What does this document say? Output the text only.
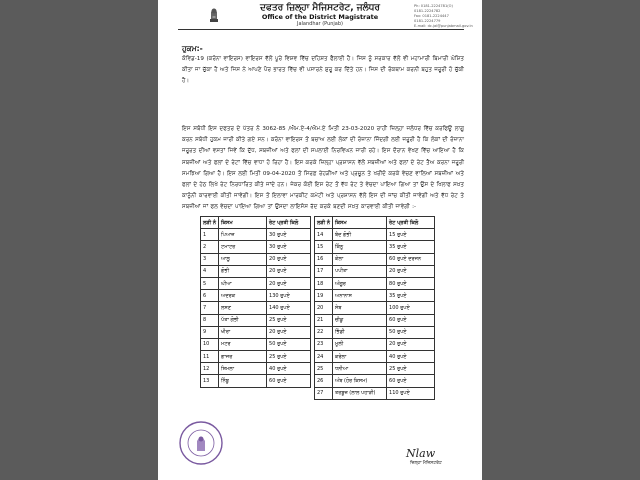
ਦਫਤਰ ਜ਼ਿਲ੍ਹਾ ਮੈਜਿਸਟਰੇਟ, ਜਲੰਧਰ
Office of the District Magistrate
Jalandhar (Punjab)
Ph: 0181-2224781(O)
0181-2224782
Fax: 0181-2224447
0181-2224779
E-mail: dc.jal@punjabmail.gov.in
ਹੁਕਮ:-
ਕੋਵਿਡ-19 (ਕਰੋਨਾ ਵਾਇਰਸ) ਵਾਇਰਸ ਵੱਲੋਂ ਪੂਰੇ ਵਿਸ਼ਵ ਵਿੱਚ ਦਹਿਸ਼ਤ ਫੈਲਾਈ ਹੈ। ਜਿਸ ਨੂੰ ਸਰਕਾਰ ਵੱਲੋਂ ਵੀ ਮਹਾਮਾਰੀ ਬਿਮਾਰੀ ਘੋਸ਼ਿਤ ਕੀਤਾ ਜਾ ਚੁੱਕਾ ਹੈ ਅਤੇ ਜਿਸ ਨੇ ਆਪਣੇ ਪੈਰ ਭਾਰਤ ਵਿੱਚ ਵੀ ਪਸਾਰਨੇ ਸ਼ੁਰੂ ਕਰ ਦਿੱਤੇ ਹਨ। ਜਿਸ ਦੀ ਰੋਕਥਾਮ ਕਰਨੀ ਬਹੁਤ ਜਰੂਰੀ ਹੋ ਚੁੱਕੀ ਹੈ।
ਇਸ ਸਬੰਧੀ ਇਸ ਦਫਤਰ ਦੇ ਪੱਤਰ ਨੰ 3062-85 /ਐਮ.ਏ-4/ਐਮ.ਏ ਮਿਤੀ 23-03-2020 ਰਾਹੀਂ ਜ਼ਿਲ੍ਹਾ ਜਲੰਧਰ ਵਿੱਚ ਕਰਫਿਊ ਲਾਗੂ ਕਰਨ ਸਬੰਧੀ ਹੁਕਮ ਜਾਰੀ ਕੀਤੇ ਗਏ ਸਨ। ਕਰੋਨਾ ਵਾਇਰਸ ਤੋਂ ਬਚਾਅ ਲਈ ਲੋਕਾਂ ਦੀ ਰੋਜ਼ਾਨਾ ਜਿੰਦਗੀ ਲਈ ਜਰੂਰੀ ਹੈ ਕਿ ਲੋਕਾਂ ਦੀ ਰੋਜ਼ਾਨਾ ਜਰੂਰਤ ਦੀਆਂ ਵਸਤਾਂ ਜਿਵੇਂ ਕਿ ਦੁੱਧ, ਸਬਜ਼ੀਆਂ ਅਤੇ ਫਲਾਂ ਦੀ ਸਪਲਾਈ ਨਿਰਵਿਘਨ ਜਾਰੀ ਰਹੇ। ਇਸ ਦੌਰਾਨ ਵੇਖਣ ਵਿੱਚ ਆਇਆ ਹੈ ਕਿ ਸਬਜ਼ੀਆਂ ਅਤੇ ਫਲਾਂ ਦੇ ਰੇਟਾਂ ਵਿੱਚ ਵਾਧਾ ਹੋ ਰਿਹਾ ਹੈ। ਇਸ ਕਰਕੇ ਜ਼ਿਲ੍ਹਾ ਪ੍ਰਸ਼ਾਸਨ ਵੱਲੋਂ ਸਬਜ਼ੀਆਂ ਅਤੇ ਫਲਾਂ ਦੇ ਰੇਟ ਤੈਅ ਕਰਨਾ ਜਰੂਰੀ ਸਮਝਿਆ ਗਿਆ ਹੈ। ਇਸ ਲਈ ਮਿਤੀ 09-04-2020 ਤੋਂ ਸਿਰਫ਼ ਰੇਹੜੀਆਂ ਅਤੇ ਪ੍ਰਚੂਨ ਤੇ ਖਰੀਦੋ ਕਰਕੇ ਵੇਚਣ ਵਾਲਿਆਂ ਸਬਜ਼ੀਆਂ ਅਤੇ ਫਲਾਂ ਦੇ ਹੇਠ ਲਿਖੇ ਰੇਟ ਨਿਰਧਾਰਿਤ ਕੀਤੇ ਜਾਂਦੇ ਹਨ। ਜੇਕਰ ਕੋਈ ਇਸ ਰੇਟ ਤੋਂ ਵੱਧ ਰੇਟ ਤੇ ਵੇਚਦਾ ਪਾਇਆ ਗਿਆ ਤਾਂ ਉਸ ਦੇ ਖਿਲਾਫ ਸਖ਼ਤ ਕਾਨੂੰਨੀ ਕਾਰਵਾਈ ਕੀਤੀ ਜਾਵੇਗੀ। ਇਸ ਤੋਂ ਇਲਾਵਾ ਮਾਰਕੀਟ ਕਮੇਟੀ ਅਤੇ ਪ੍ਰਸ਼ਾਸਨ ਵੱਲੋਂ ਇਸ ਦੀ ਜਾਂਚ ਕੀਤੀ ਜਾਵੇਗੀ ਅਤੇ ਵੱਧ ਰੇਟ ਤੇ ਸਬਜ਼ੀਆਂ ਜਾਂ ਫਲ ਵੇਚਦਾ ਪਾਇਆ ਗਿਆ ਤਾਂ ਉਸਦਾ ਲਾਇਸੰਸ ਰੱਦ ਕਰਕੇ ਬਣਦੀ ਸਖ਼ਤ ਕਾਰਵਾਈ ਕੀਤੀ ਜਾਵੇਗੀ :-
ਲੜੀ ਨੰ	ਕਿਸਮ	ਰੇਟ ਪ੍ਰਤੀ ਕਿਲੋ
1	ਪਿਆਜ਼	30 ਰੁਪਏ
2	ਟਮਾਟਰ	30 ਰੁਪਏ
3	ਆਲੂ	20 ਰੁਪਏ
4	ਗੋਭੀ	20 ਰੁਪਏ
5	ਘੀਆ	20 ਰੁਪਏ
6	ਅਦਰਕ	130 ਰੁਪਏ
7	ਲਸਣ	140 ਰੁਪਏ
8	ਪੱਤਾ ਗੋਭੀ	25 ਰੁਪਏ
9	ਖੀਰਾ	20 ਰੁਪਏ
10	ਮਟਰ	50 ਰੁਪਏ
11	ਗਾਜਰ	25 ਰੁਪਏ
12	ਸ਼ਿਮਲਾ	40 ਰੁਪਏ
13	ਨਿੰਬੂ	60 ਰੁਪਏ
ਲੜੀ ਨੰ	ਕਿਸਮ	ਰੇਟ ਪ੍ਰਤੀ ਕਿਲੋ
14	ਬੰਦ ਗੋਭੀ	15 ਰੁਪਏ
15	ਕਿੰਨੂ	35 ਰੁਪਏ
16	ਕੇਲਾ	60 ਰੁਪਏ ਦਰਜਨ
17	ਪਪੀਤਾ	20 ਰੁਪਏ
18	ਅੰਗੂਰ	80 ਰੁਪਏ
19	ਅਨਾਨਾਸ	35 ਰੁਪਏ
20	ਸੇਬ	100 ਰੁਪਏ
21	ਚੀਕੂ	60 ਰੁਪਏ
22	ਭਿੰਡੀ	50 ਰੁਪਏ
23	ਮੂਲੀ	20 ਰੁਪਏ
24	ਕਰੇਲਾ	40 ਰੁਪਏ
25	ਧਨੀਆ	25 ਰੁਪਏ
26	ਅੰਬ (ਹੋਰ ਕਿਸਮ)	60 ਰੁਪਏ
27	ਤਰਬੂਜ਼ (ਲਾਲ ਪਹਾੜੀ)	110 ਰੁਪਏ
Nlaw
ਜ਼ਿਲ੍ਹਾ ਮੈਜਿਸਟਰੇਟ
